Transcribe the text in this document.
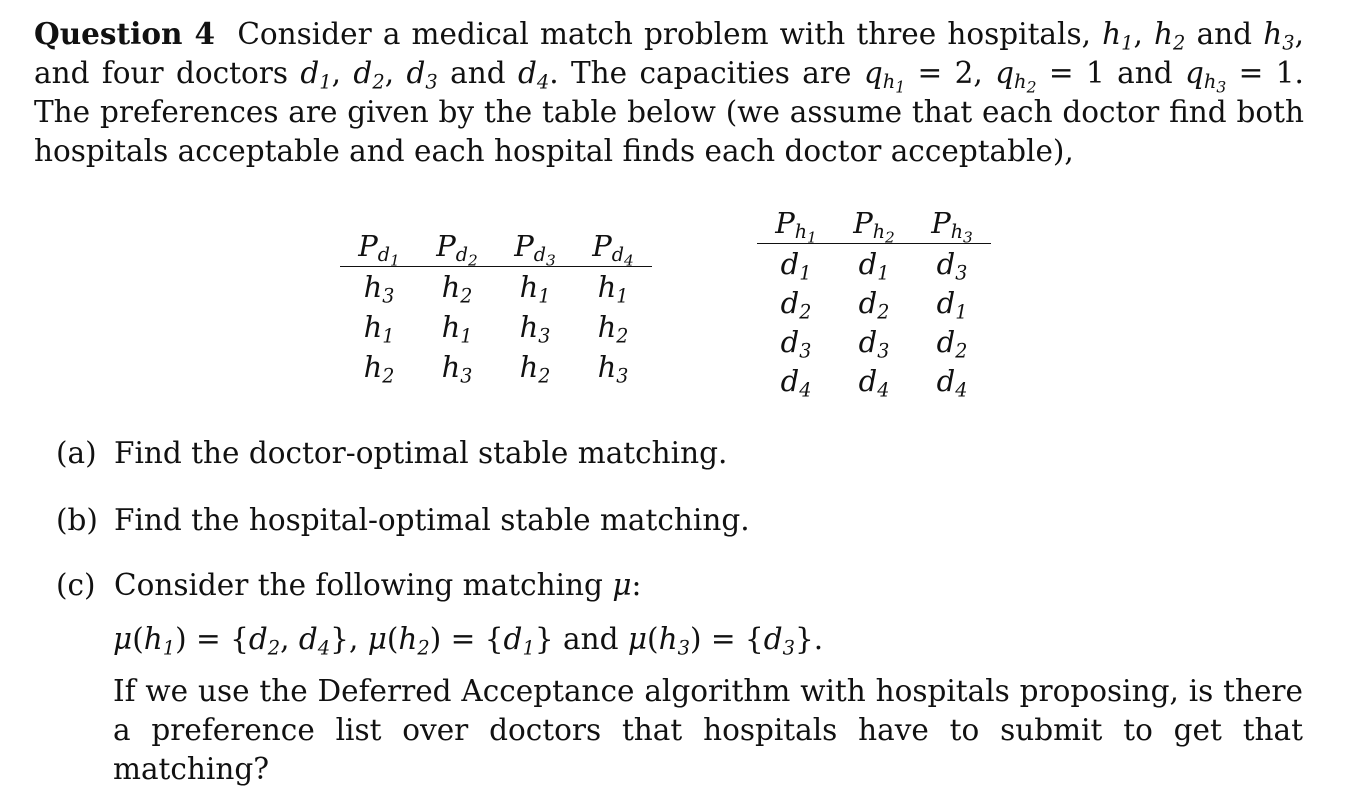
Question 4 Consider a medical match problem with three hospitals, $h_1$, $h_2$ and $h_3$, and four doctors $d_1$, $d_2$, $d_3$ and $d_4$. The capacities are $q_{h_1} = 2$, $q_{h_2} = 1$ and $q_{h_3} = 1$. The preferences are given by the table below (we assume that each doctor find both hospitals acceptable and each hospital finds each doctor acceptable),
$P_{d_1}$	$P_{d_2}$	$P_{d_3}$	$P_{d_4}$
$h_3$	$h_2$	$h_1$	$h_1$
$h_1$	$h_1$	$h_3$	$h_2$
$h_2$	$h_3$	$h_2$	$h_3$
$P_{h_1}$	$P_{h_2}$	$P_{h_3}$
$d_1$	$d_1$	$d_3$
$d_2$	$d_2$	$d_1$
$d_3$	$d_3$	$d_2$
$d_4$	$d_4$	$d_4$
(a) Find the doctor-optimal stable matching.
(b) Find the hospital-optimal stable matching.
(c) Consider the following matching μ:
$\mu(h_1) = \{d_2$, $d_4$}, $\mu(h_2) = \{d_1\}$ and $\mu(h_3) = \{d_3\}$.
If we use the Deferred Acceptance algorithm with hospitals proposing, is there a preference list over doctors that hospitals have to submit to get that matching?
